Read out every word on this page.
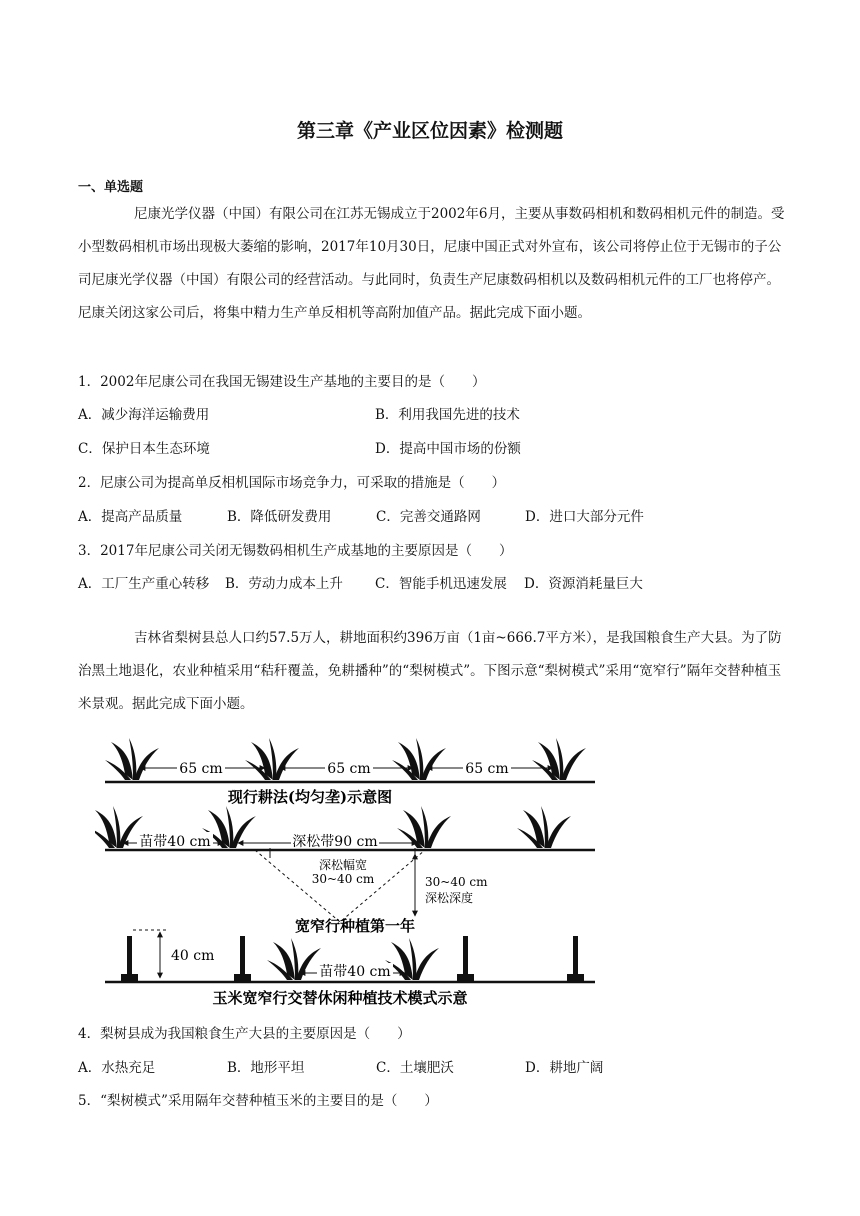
第三章《产业区位因素》检测题
一、单选题
尼康光学仪器（中国）有限公司在江苏无锡成立于2002年6月，主要从事数码相机和数码相机元件的制造。受小型数码相机市场出现极大萎缩的影响，2017年10月30日，尼康中国正式对外宣布，该公司将停止位于无锡市的子公司尼康光学仪器（中国）有限公司的经营活动。与此同时，负责生产尼康数码相机以及数码相机元件的工厂也将停产。尼康关闭这家公司后，将集中精力生产单反相机等高附加值产品。据此完成下面小题。
1．2002年尼康公司在我国无锡建设生产基地的主要目的是（　　）
A．减少海洋运输费用	B．利用我国先进的技术
C．保护日本生态环境	D．提高中国市场的份额
2．尼康公司为提高单反相机国际市场竞争力，可采取的措施是（　　）
A．提高产品质量	B．降低研发费用	C．完善交通路网	D．进口大部分元件
3．2017年尼康公司关闭无锡数码相机生产成基地的主要原因是（　　）
A．工厂生产重心转移 B．劳动力成本上升 C．智能手机迅速发展 D．资源消耗量巨大
吉林省梨树县总人口约57.5万人，耕地面积约396万亩（1亩~666.7平方米），是我国粮食生产大县。为了防治黑土地退化，农业种植采用“秸秆覆盖，免耕播种”的“梨树模式”。下图示意“梨树模式”采用“宽窄行”隔年交替种植玉米景观。据此完成下面小题。
65 cm	65 cm	65 cm
现行耕法(均匀垄)示意图
苗带40 cm	深松带90 cm
深松幅宽
30~40 cm	30~40 cm
深松深度
宽窄行种植第一年
40 cm
苗带40 cm
玉米宽窄行交替休闲种植技术模式示意
4．梨树县成为我国粮食生产大县的主要原因是（　　）
A．水热充足	B．地形平坦	C．土壤肥沃	D．耕地广阔
5．“梨树模式”采用隔年交替种植玉米的主要目的是（　　）
